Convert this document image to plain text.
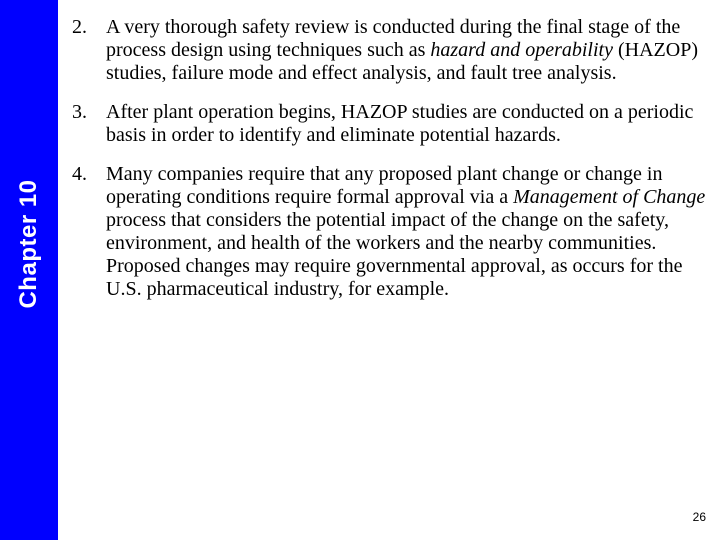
Chapter 10
2. A very thorough safety review is conducted during the final stage of the process design using techniques such as hazard and operability (HAZOP) studies, failure mode and effect analysis, and fault tree analysis.
3. After plant operation begins, HAZOP studies are conducted on a periodic basis in order to identify and eliminate potential hazards.
4. Many companies require that any proposed plant change or change in operating conditions require formal approval via a Management of Change process that considers the potential impact of the change on the safety, environment, and health of the workers and the nearby communities. Proposed changes may require governmental approval, as occurs for the U.S. pharmaceutical industry, for example.
26
